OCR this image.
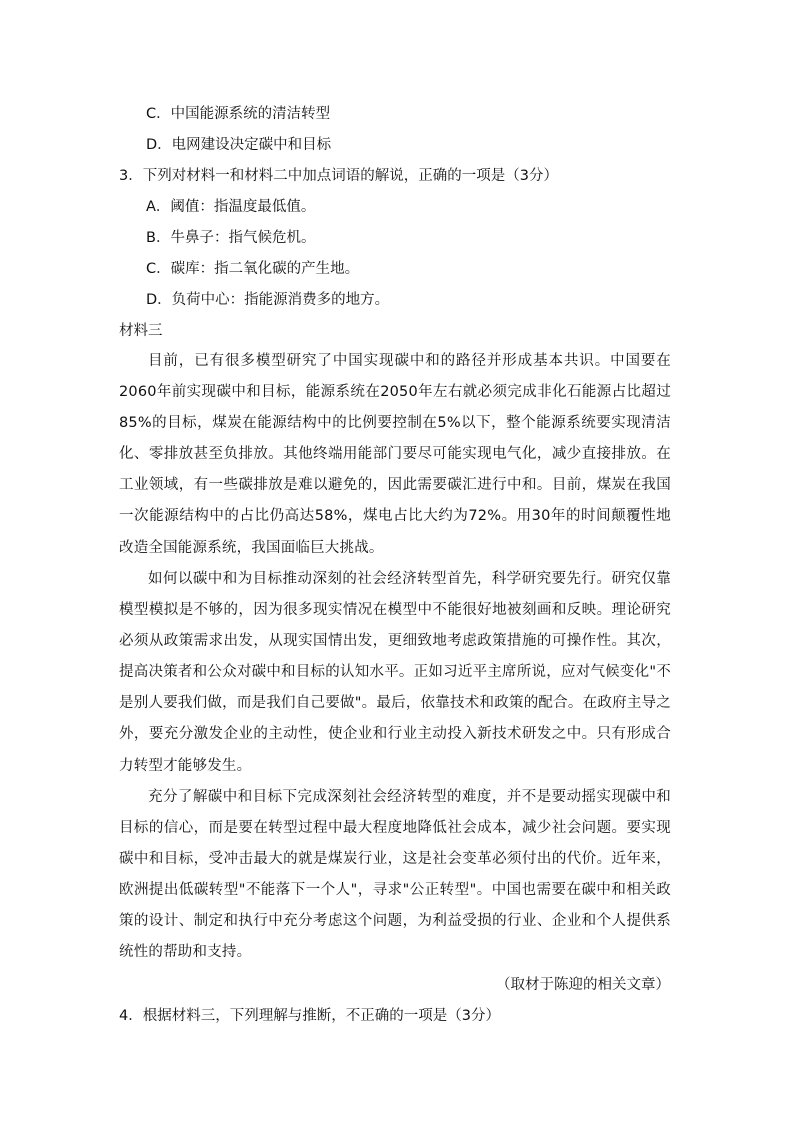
C．中国能源系统的清洁转型
D．电网建设决定碳中和目标
3．下列对材料一和材料二中加点词语的解说，正确的一项是（3分）
A．阈值：指温度最低值。
B．牛鼻子：指气候危机。
C．碳库：指二氧化碳的产生地。
D．负荷中心：指能源消费多的地方。
材料三
目前，已有很多模型研究了中国实现碳中和的路径并形成基本共识。中国要在2060年前实现碳中和目标，能源系统在2050年左右就必须完成非化石能源占比超过85%的目标，煤炭在能源结构中的比例要控制在5%以下，整个能源系统要实现清洁化、零排放甚至负排放。其他终端用能部门要尽可能实现电气化，减少直接排放。在工业领域，有一些碳排放是难以避免的，因此需要碳汇进行中和。目前，煤炭在我国一次能源结构中的占比仍高达58%，煤电占比大约为72%。用30年的时间颠覆性地改造全国能源系统，我国面临巨大挑战。
如何以碳中和为目标推动深刻的社会经济转型首先，科学研究要先行。研究仅靠模型模拟是不够的，因为很多现实情况在模型中不能很好地被刻画和反映。理论研究必须从政策需求出发，从现实国情出发，更细致地考虑政策措施的可操作性。其次，提高决策者和公众对碳中和目标的认知水平。正如习近平主席所说，应对气候变化"不是别人要我们做，而是我们自己要做"。最后，依靠技术和政策的配合。在政府主导之外，要充分激发企业的主动性，使企业和行业主动投入新技术研发之中。只有形成合力转型才能够发生。
充分了解碳中和目标下完成深刻社会经济转型的难度，并不是要动摇实现碳中和目标的信心，而是要在转型过程中最大程度地降低社会成本，减少社会问题。要实现碳中和目标，受冲击最大的就是煤炭行业，这是社会变革必须付出的代价。近年来，欧洲提出低碳转型"不能落下一个人"，寻求"公正转型"。中国也需要在碳中和相关政策的设计、制定和执行中充分考虑这个问题，为利益受损的行业、企业和个人提供系统性的帮助和支持。
（取材于陈迎的相关文章）
4．根据材料三，下列理解与推断，不正确的一项是（3分）
